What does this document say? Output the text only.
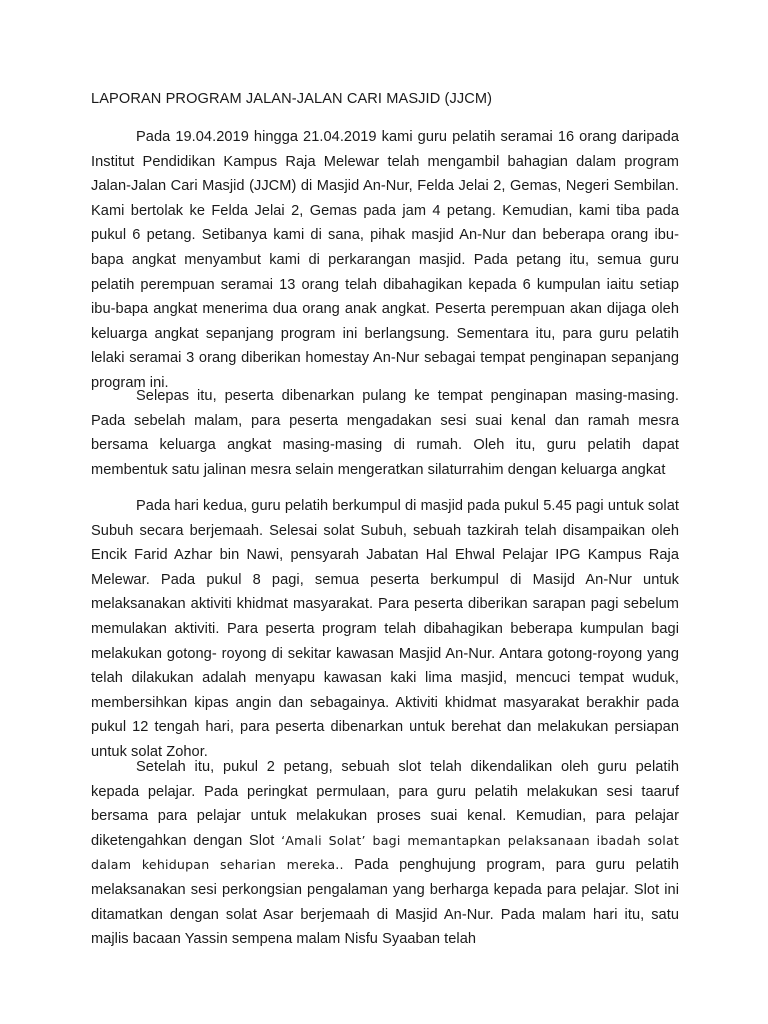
LAPORAN PROGRAM JALAN-JALAN CARI MASJID (JJCM)

Pada 19.04.2019 hingga 21.04.2019 kami guru pelatih seramai 16 orang daripada Institut Pendidikan Kampus Raja Melewar telah mengambil bahagian dalam program Jalan-Jalan Cari Masjid (JJCM) di Masjid An-Nur, Felda Jelai 2, Gemas, Negeri Sembilan. Kami bertolak ke Felda Jelai 2, Gemas pada jam 4 petang. Kemudian, kami tiba pada pukul 6 petang. Setibanya kami di sana, pihak masjid An-Nur dan beberapa orang ibu-bapa angkat menyambut kami di perkarangan masjid. Pada petang itu, semua guru pelatih perempuan seramai 13 orang telah dibahagikan kepada 6 kumpulan iaitu setiap ibu-bapa angkat menerima dua orang anak angkat. Peserta perempuan akan dijaga oleh keluarga angkat sepanjang program ini berlangsung. Sementara itu, para guru pelatih lelaki seramai 3 orang diberikan homestay An-Nur sebagai tempat penginapan sepanjang program ini.

Selepas itu, peserta dibenarkan pulang ke tempat penginapan masing-masing. Pada sebelah malam, para peserta mengadakan sesi suai kenal dan ramah mesra bersama keluarga angkat masing-masing di rumah. Oleh itu, guru pelatih dapat membentuk satu jalinan mesra selain mengeratkan silaturrahim dengan keluarga angkat

Pada hari kedua, guru pelatih berkumpul di masjid pada pukul 5.45 pagi untuk solat Subuh secara berjemaah. Selesai solat Subuh, sebuah tazkirah telah disampaikan oleh Encik Farid Azhar bin Nawi, pensyarah Jabatan Hal Ehwal Pelajar IPG Kampus Raja Melewar. Pada pukul 8 pagi, semua peserta berkumpul di Masijd An-Nur untuk melaksanakan aktiviti khidmat masyarakat. Para peserta diberikan sarapan pagi sebelum memulakan aktiviti. Para peserta program telah dibahagikan beberapa kumpulan bagi melakukan gotong- royong di sekitar kawasan Masjid An-Nur. Antara gotong-royong yang telah dilakukan adalah menyapu kawasan kaki lima masjid, mencuci tempat wuduk, membersihkan kipas angin dan sebagainya. Aktiviti khidmat masyarakat berakhir pada pukul 12 tengah hari, para peserta dibenarkan untuk berehat dan melakukan persiapan untuk solat Zohor.

Setelah itu, pukul 2 petang, sebuah slot telah dikendalikan oleh guru pelatih kepada pelajar. Pada peringkat permulaan, para guru pelatih melakukan sesi taaruf bersama para pelajar untuk melakukan proses suai kenal. Kemudian, para pelajar diketengahkan dengan Slot ‘Amali Solat’ bagi memantapkan pelaksanaan ibadah solat dalam kehidupan seharian mereka.. Pada penghujung program, para guru pelatih melaksanakan sesi perkongsian pengalaman yang berharga kepada para pelajar. Slot ini ditamatkan dengan solat Asar berjemaah di Masjid An-Nur. Pada malam hari itu, satu majlis bacaan Yassin sempena malam Nisfu Syaaban telah
